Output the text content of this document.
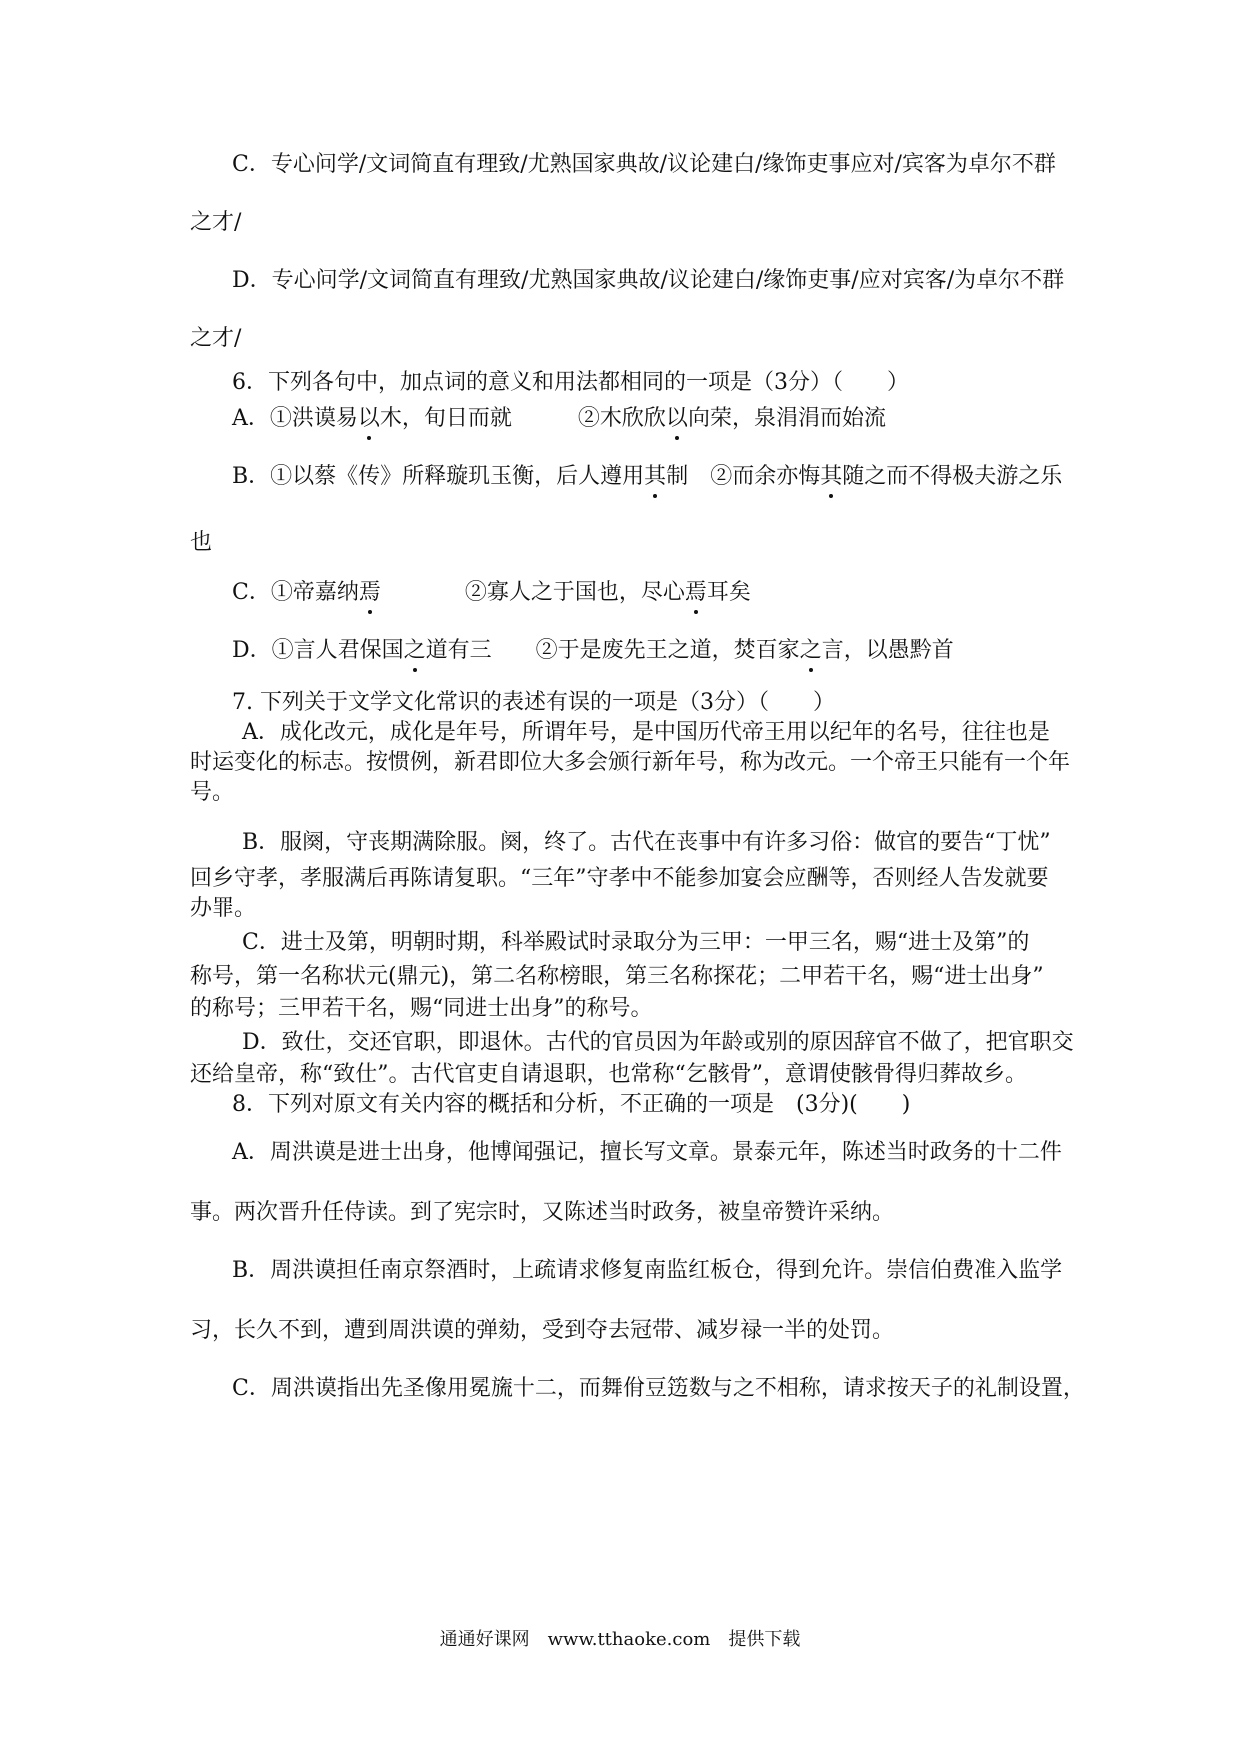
C．专心问学/文词简直有理致/尤熟国家典故/议论建白/缘饰吏事应对/宾客为卓尔不群
之才/
D．专心问学/文词简直有理致/尤熟国家典故/议论建白/缘饰吏事/应对宾客/为卓尔不群
之才/
6．下列各句中，加点词的意义和用法都相同的一项是（3分）（　　）
A．①洪谟易以木，旬日而就　　　②木欣欣以向荣，泉涓涓而始流
B．①以蔡《传》所释璇玑玉衡，后人遵用其制　②而余亦悔其随之而不得极夫游之乐
也
C．①帝嘉纳焉	②寡人之于国也，尽心焉耳矣
D．①言人君保国之道有三　　②于是废先王之道，焚百家之言，以愚黔首
7. 下列关于文学文化常识的表述有误的一项是（3分）（　　）
A．成化改元，成化是年号，所谓年号，是中国历代帝王用以纪年的名号，往往也是
时运变化的标志。按惯例，新君即位大多会颁行新年号，称为改元。一个帝王只能有一个年
号。
B．服阕，守丧期满除服。阕，终了。古代在丧事中有许多习俗：做官的要告“丁忧”
回乡守孝，孝服满后再陈请复职。“三年”守孝中不能参加宴会应酬等，否则经人告发就要
办罪。
C．进士及第，明朝时期，科举殿试时录取分为三甲：一甲三名，赐“进士及第”的
称号，第一名称状元(鼎元)，第二名称榜眼，第三名称探花；二甲若干名，赐“进士出身”
的称号；三甲若干名，赐“同进士出身”的称号。
D．致仕，交还官职，即退休。古代的官员因为年龄或别的原因辞官不做了，把官职交
还给皇帝，称“致仕”。古代官吏自请退职，也常称“乞骸骨”，意谓使骸骨得归葬故乡。
8．下列对原文有关内容的概括和分析，不正确的一项是　(3分)(　　)
A．周洪谟是进士出身，他博闻强记，擅长写文章。景泰元年，陈述当时政务的十二件
事。两次晋升任侍读。到了宪宗时，又陈述当时政务，被皇帝赞许采纳。
B．周洪谟担任南京祭酒时，上疏请求修复南监红板仓，得到允许。崇信伯费准入监学
习，长久不到，遭到周洪谟的弹劾，受到夺去冠带、减岁禄一半的处罚。
C．周洪谟指出先圣像用冕旒十二，而舞佾豆笾数与之不相称，请求按天子的礼制设置，
通通好课网　www.tthaoke.com　提供下载
